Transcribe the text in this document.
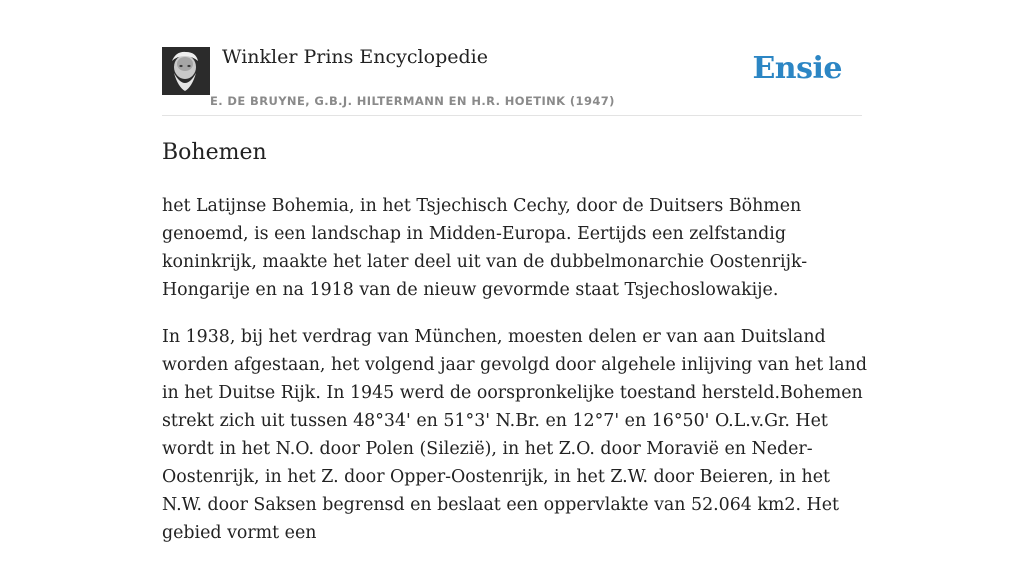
Winkler Prins Encyclopedie
E. DE BRUYNE, G.B.J. HILTERMANN EN H.R. HOETINK (1947)
Ensie
Bohemen

het Latijnse Bohemia, in het Tsjechisch Cechy, door de Duitsers Böhmen genoemd, is een landschap in Midden-Europa. Eertijds een zelfstandig koninkrijk, maakte het later deel uit van de dubbelmonarchie Oostenrijk-Hongarije en na 1918 van de nieuw gevormde staat Tsjechoslowakije.

In 1938, bij het verdrag van München, moesten delen er van aan Duitsland worden afgestaan, het volgend jaar gevolgd door algehele inlijving van het land in het Duitse Rijk. In 1945 werd de oorspronkelijke toestand hersteld.Bohemen strekt zich uit tussen 48°34' en 51°3' N.Br. en 12°7' en 16°50' O.L.v.Gr. Het wordt in het N.O. door Polen (Silezië), in het Z.O. door Moravië en Neder-Oostenrijk, in het Z. door Opper-Oostenrijk, in het Z.W. door Beieren, in het N.W. door Saksen begrensd en beslaat een oppervlakte van 52.064 km2. Het gebied vormt een
